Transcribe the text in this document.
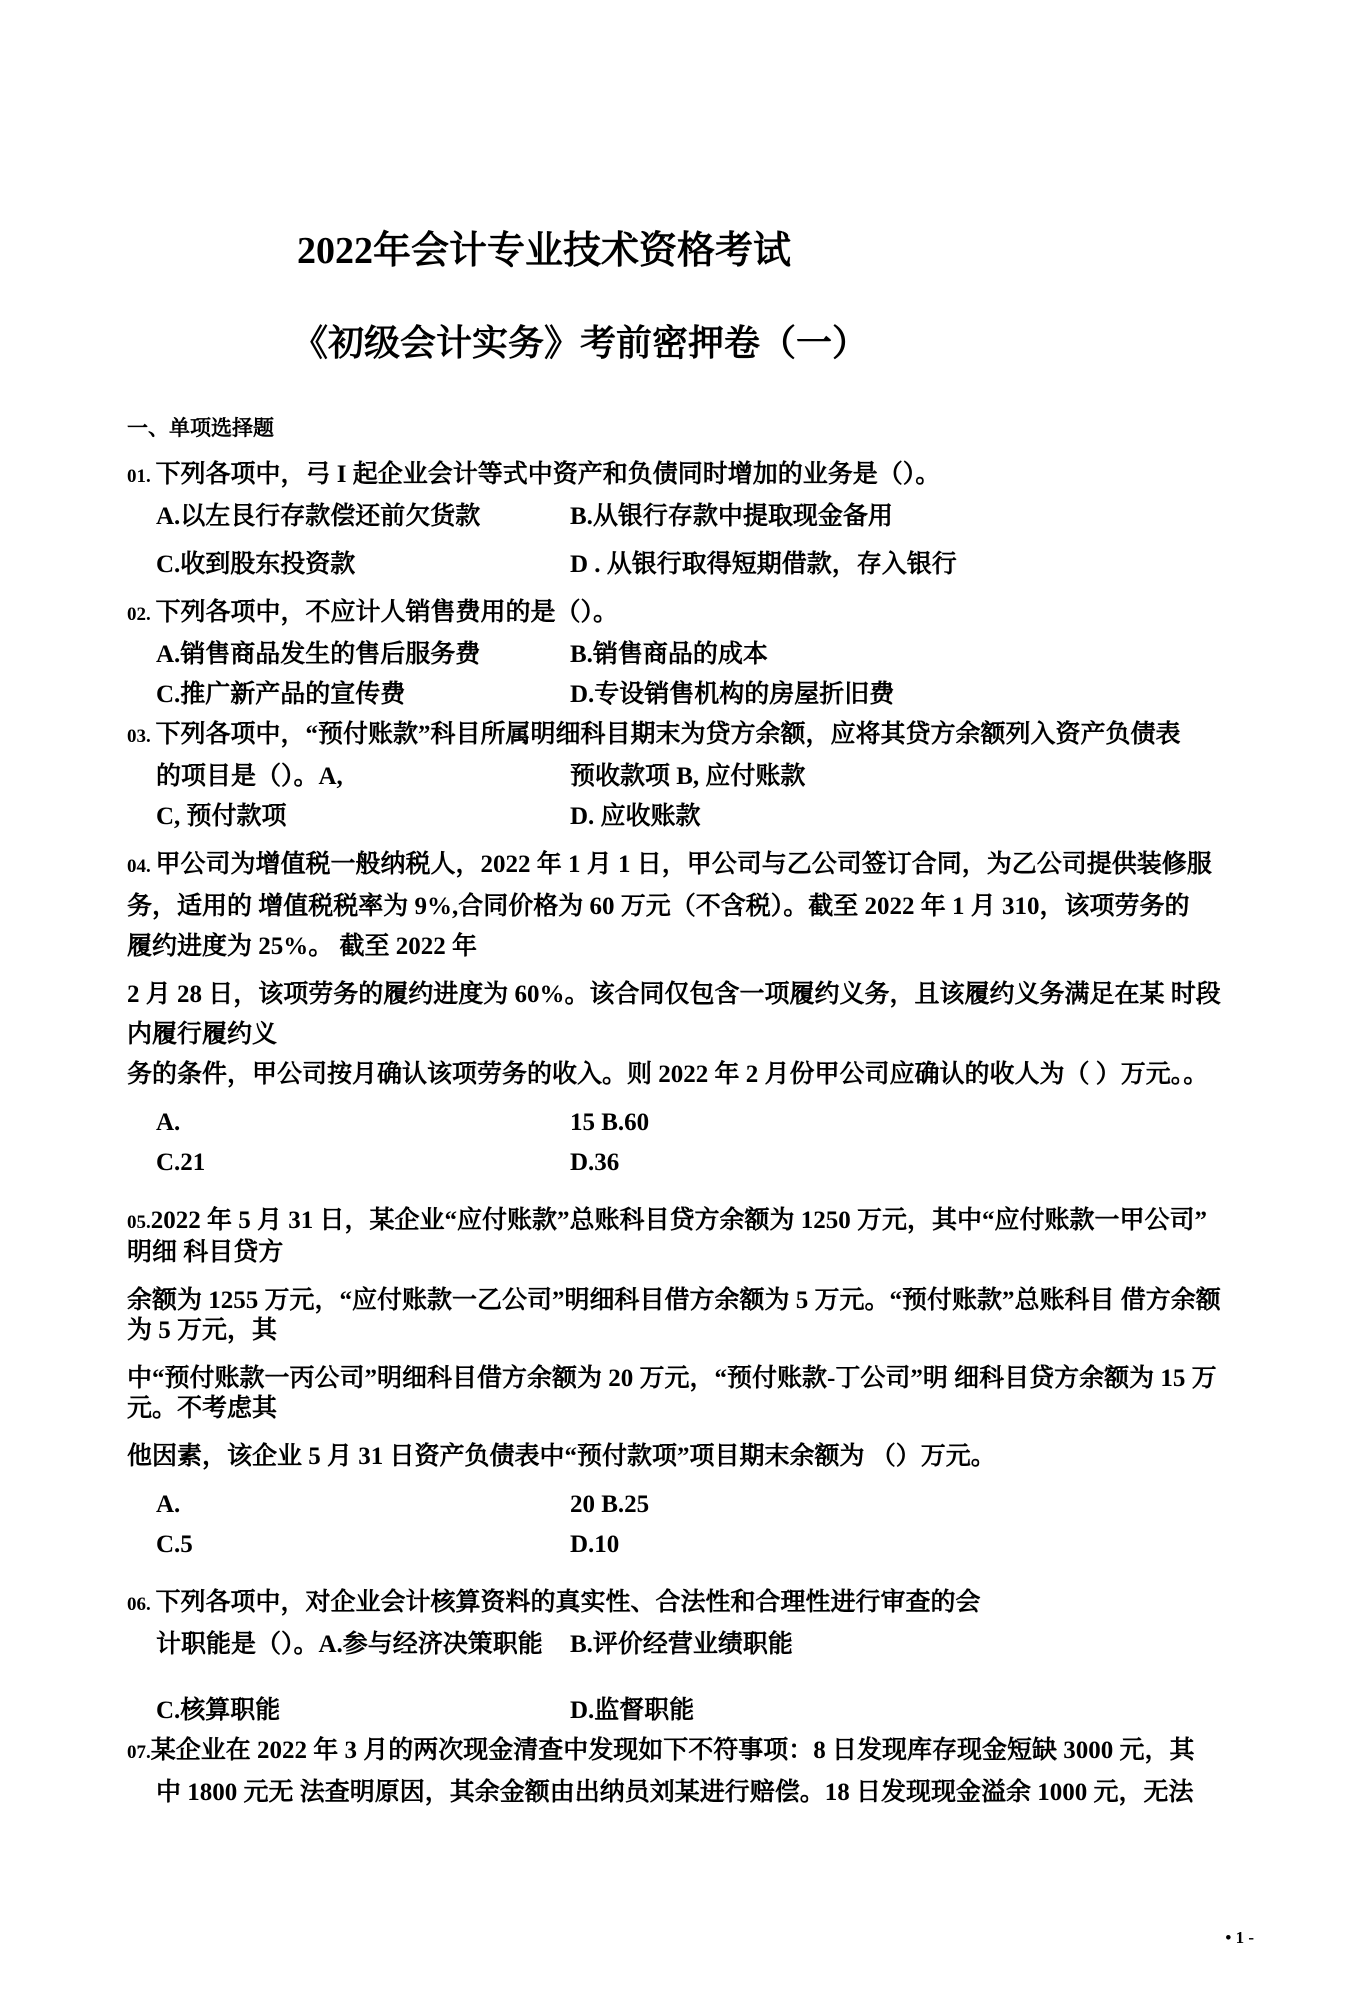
2022年会计专业技术资格考试
《初级会计实务》考前密押卷（一）
一、单项选择题
01. 下列各项中，弓 I 起企业会计等式中资产和负债同时增加的业务是（）。
A.以左艮行存款偿还前欠货款	B.从银行存款中提取现金备用
C.收到股东投资款	D . 从银行取得短期借款，存入银行
02. 下列各项中，不应计人销售费用的是（）。
A.销售商品发生的售后服务费	B.销售商品的成本
C.推广新产品的宣传费	D.专设销售机构的房屋折旧费
03. 下列各项中，“预付账款”科目所属明细科目期末为贷方余额，应将其贷方余额列入资产负债表
的项目是（）。A,	预收款项 B, 应付账款
C, 预付款项	D. 应收账款
04. 甲公司为增值税一般纳税人，2022 年 1 月 1 日，甲公司与乙公司签订合同，为乙公司提供装修服
务，适用的 增值税税率为 9%,合同价格为 60 万元（不含税）。截至 2022 年 1 月 310，该项劳务的
履约进度为 25%。 截至 2022 年
2 月 28 日，该项劳务的履约进度为 60%。该合同仅包含一项履约义务，且该履约义务满足在某 时段
内履行履约义
务的条件，甲公司按月确认该项劳务的收入。则 2022 年 2 月份甲公司应确认的收人为（ ）万元。。
A.	15 B.60
C.21	D.36
05.2022 年 5 月 31 日，某企业“应付账款”总账科目贷方余额为 1250 万元，其中“应付账款一甲公司”
明细 科目贷方
余额为 1255 万元，“应付账款一乙公司”明细科目借方余额为 5 万元。“预付账款”总账科目 借方余额
为 5 万元，其
中“预付账款一丙公司”明细科目借方余额为 20 万元，“预付账款-丁公司”明 细科目贷方余额为 15 万
元。不考虑其
他因素，该企业 5 月 31 日资产负债表中“预付款项”项目期末余额为 （）万元。
A.	20 B.25
C.5	D.10
06. 下列各项中，对企业会计核算资料的真实性、合法性和合理性进行审查的会
计职能是（）。A.参与经济决策职能	B.评价经营业绩职能
C.核算职能	D.监督职能
07.某企业在 2022 年 3 月的两次现金清查中发现如下不符事项：8 日发现库存现金短缺 3000 元，其
中 1800 元无 法查明原因，其余金额由出纳员刘某进行赔偿。18 日发现现金溢余 1000 元，无法
• 1 -
